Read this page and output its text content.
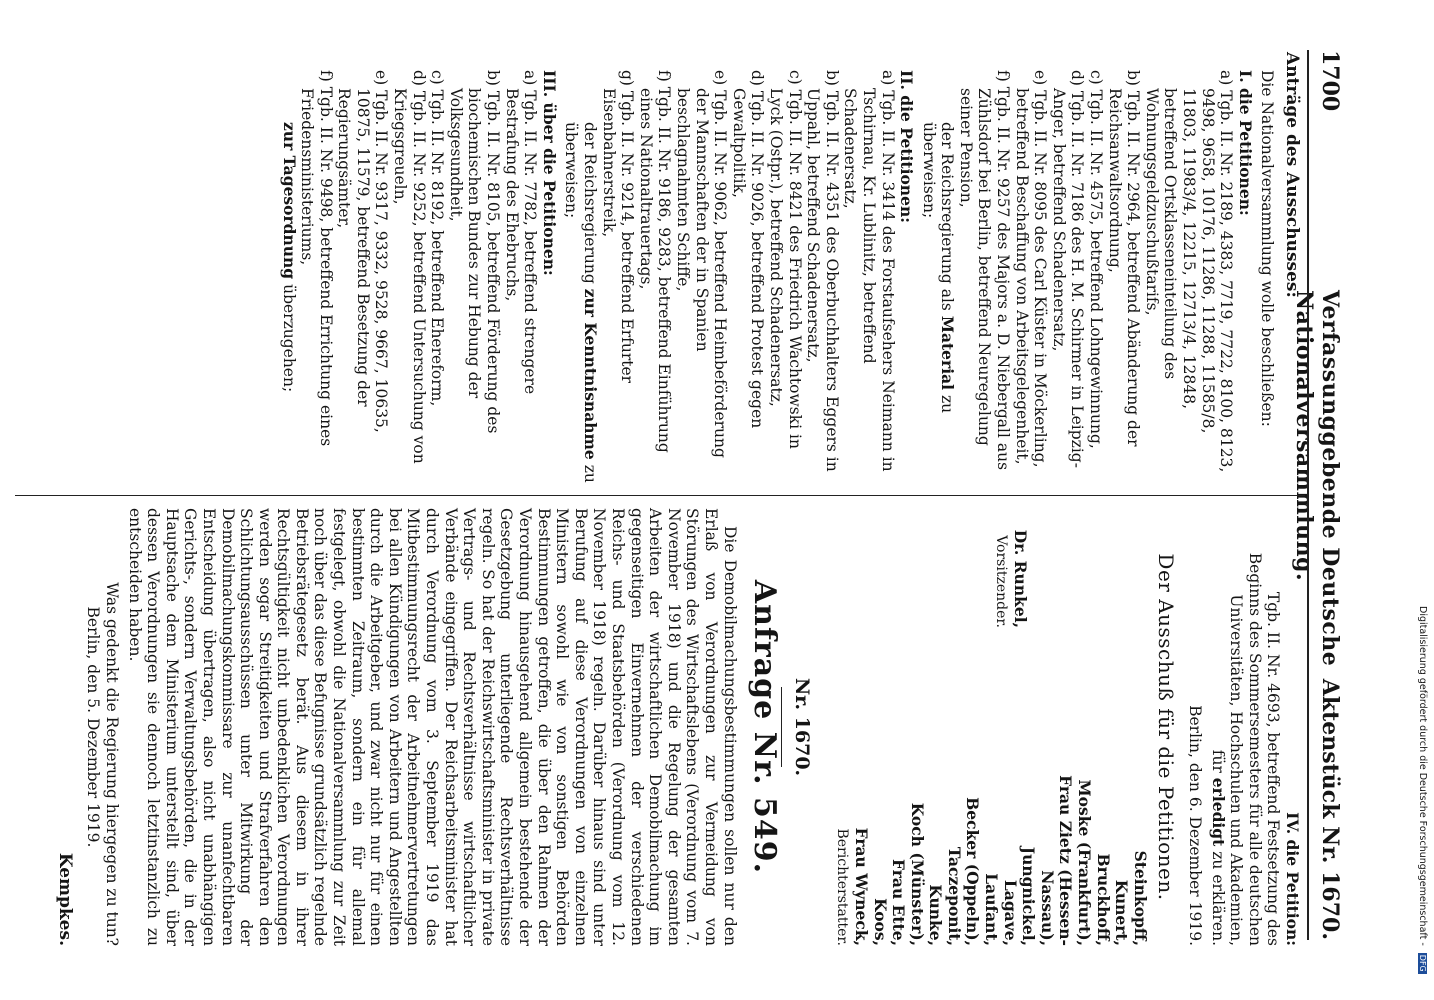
1700
Verfassunggebende Deutsche Nationalversammlung.
Aktenstück Nr. 1670.

Anträge des Ausschusses:

Die Nationalversammlung wolle beschließen:

I. die Petitionen:

a) Tgb. II. Nr. 2189, 4383, 7719, 7722, 8100, 8123, 9498, 9658, 10176, 11286, 11288, 11585/8, 11803, 11983/4, 12215, 12713/4, 12848, betreffend Ortsklasseneinteilung des Wohnungsgeldzuschußtarifs,

b) Tgb. II. Nr. 2964, betreffend Abänderung der Reichsanwaltsordnung,

c) Tgb. II. Nr. 4575, betreffend Lohngewinnung,

d) Tgb. II. Nr. 7186 des H. M. Schirmer in Leipzig-Anger, betreffend Schadenersatz,

e) Tgb. II. Nr. 8095 des Carl Küster in Möckerling, betreffend Beschaffung von Arbeitsgelegenheit,

f) Tgb. II. Nr. 9257 des Majors a. D. Niebergall aus Zühlsdorf bei Berlin, betreffend Neuregelung seiner Pension,

der Reichsregierung als Material zu überweisen;

II. die Petitionen:

a) Tgb. II. Nr. 3414 des Forstaufsehers Neimann in Tschirnau, Kr. Lublinitz, betreffend Schadenersatz,

b) Tgb. II. Nr. 4351 des Oberbuchhalters Eggers in Uppahl, betreffend Schadenersatz,

c) Tgb. II. Nr. 8421 des Friedrich Wachtowski in Lyck (Ostpr.), betreffend Schadenersatz,

d) Tgb. II. Nr. 9026, betreffend Protest gegen Gewaltpolitik,

e) Tgb. II. Nr. 9062, betreffend Heimbeförderung der Mannschaften der in Spanien beschlagnahmten Schiffe,

f) Tgb. II. Nr. 9186, 9283, betreffend Einführung eines Nationaltrauertags,

g) Tgb. II. Nr. 9214, betreffend Erfurter Eisenbahnerstreik,

der Reichsregierung zur Kenntnisnahme zu überweisen;

III. über die Petitionen:

a) Tgb. II. Nr. 7782, betreffend strengere Bestrafung des Ehebruchs,

b) Tgb. II. Nr. 8105, betreffend Förderung des biochemischen Bundes zur Hebung der Volksgesundheit,

c) Tgb. II. Nr. 8192, betreffend Ehereform,

d) Tgb. II. Nr. 9252, betreffend Untersuchung von Kriegsgreueln,

e) Tgb. II. Nr. 9317, 9332, 9528, 9667, 10635, 10875, 11579, betreffend Besetzung der Regierungsämter,

f) Tgb. II. Nr. 9498, betreffend Errichtung eines Friedensministeriums,

zur Tagesordnung überzugehen;

IV. die Petition:

Tgb. II. Nr. 4693, betreffend Festsetzung des Beginns des Sommersemesters für alle deutschen Universitäten, Hochschulen und Akademien,

für erledigt zu erklären.

Berlin, den 6. Dezember 1919.

Der Ausschuß für die Petitionen.

Dr. Runkel,

Vorsitzender.

Steinkopff,

Kunert,

Bruckhoff,

Moske (Frankfurt),

Frau Zietz (Hessen-Nassau),

Jungnickel,

Lagave,

Laufant,

Becker (Oppeln),

Taczeponit,

Kunke,

Koch (Münster),

Frau Ette,

Koos,

Frau Wyneck,

Berichterstatter.

Nr. 1670.

Anfrage Nr. 549.

Die Demobilmachungsbestimmungen sollen nur den Erlaß von Verordnungen zur Vermeidung von Störungen des Wirtschaftslebens (Verordnung vom 7. November 1918) und die Regelung der gesamten Arbeiten der wirtschaftlichen Demobilmachung im gegenseitigen Einvernehmen der verschiedenen Reichs- und Staatsbehörden (Verordnung vom 12. November 1918) regeln. Darüber hinaus sind unter Berufung auf diese Verordnungen von einzelnen Ministern sowohl wie von sonstigen Behörden Bestimmungen getroffen, die über den Rahmen der Verordnung hinausgehend allgemein bestehende der Gesetzgebung unterliegende Rechtsverhältnisse regeln. So hat der Reichswirtschaftsminister in private Vertrags- und Rechtsverhältnisse wirtschaftlicher Verbände eingegriffen. Der Reichsarbeitsminister hat durch Verordnung vom 3. September 1919 das Mitbestimmungsrecht der Arbeitnehmervertretungen bei allen Kündigungen von Arbeitern und Angestellten durch die Arbeitgeber, und zwar nicht nur für einen bestimmten Zeitraum, sondern ein für allemal festgelegt, obwohl die Nationalversammlung zur Zeit noch über das diese Befugnisse grundsätzlich regelnde Betriebsrätegesetz berät. Aus diesem in ihrer Rechtsgültigkeit nicht unbedenklichen Verordnungen werden sogar Streitigkeiten und Strafverfahren den Schlichtungsausschüssen unter Mitwirkung der Demobilmachungskommissare zur unanfechtbaren Entscheidung übertragen, also nicht unabhängigen Gerichts-, sondern Verwaltungsbehörden, die in der Hauptsache dem Ministerium unterstellt sind, über dessen Verordnungen sie dennoch letztinstanzlich zu entscheiden haben.

Was gedenkt die Regierung hiergegen zu tun?

Berlin, den 5. Dezember 1919.

Kempkes.	Digitalisierung gefördert durch die Deutsche Forschungsgemeinschaft - DFG
